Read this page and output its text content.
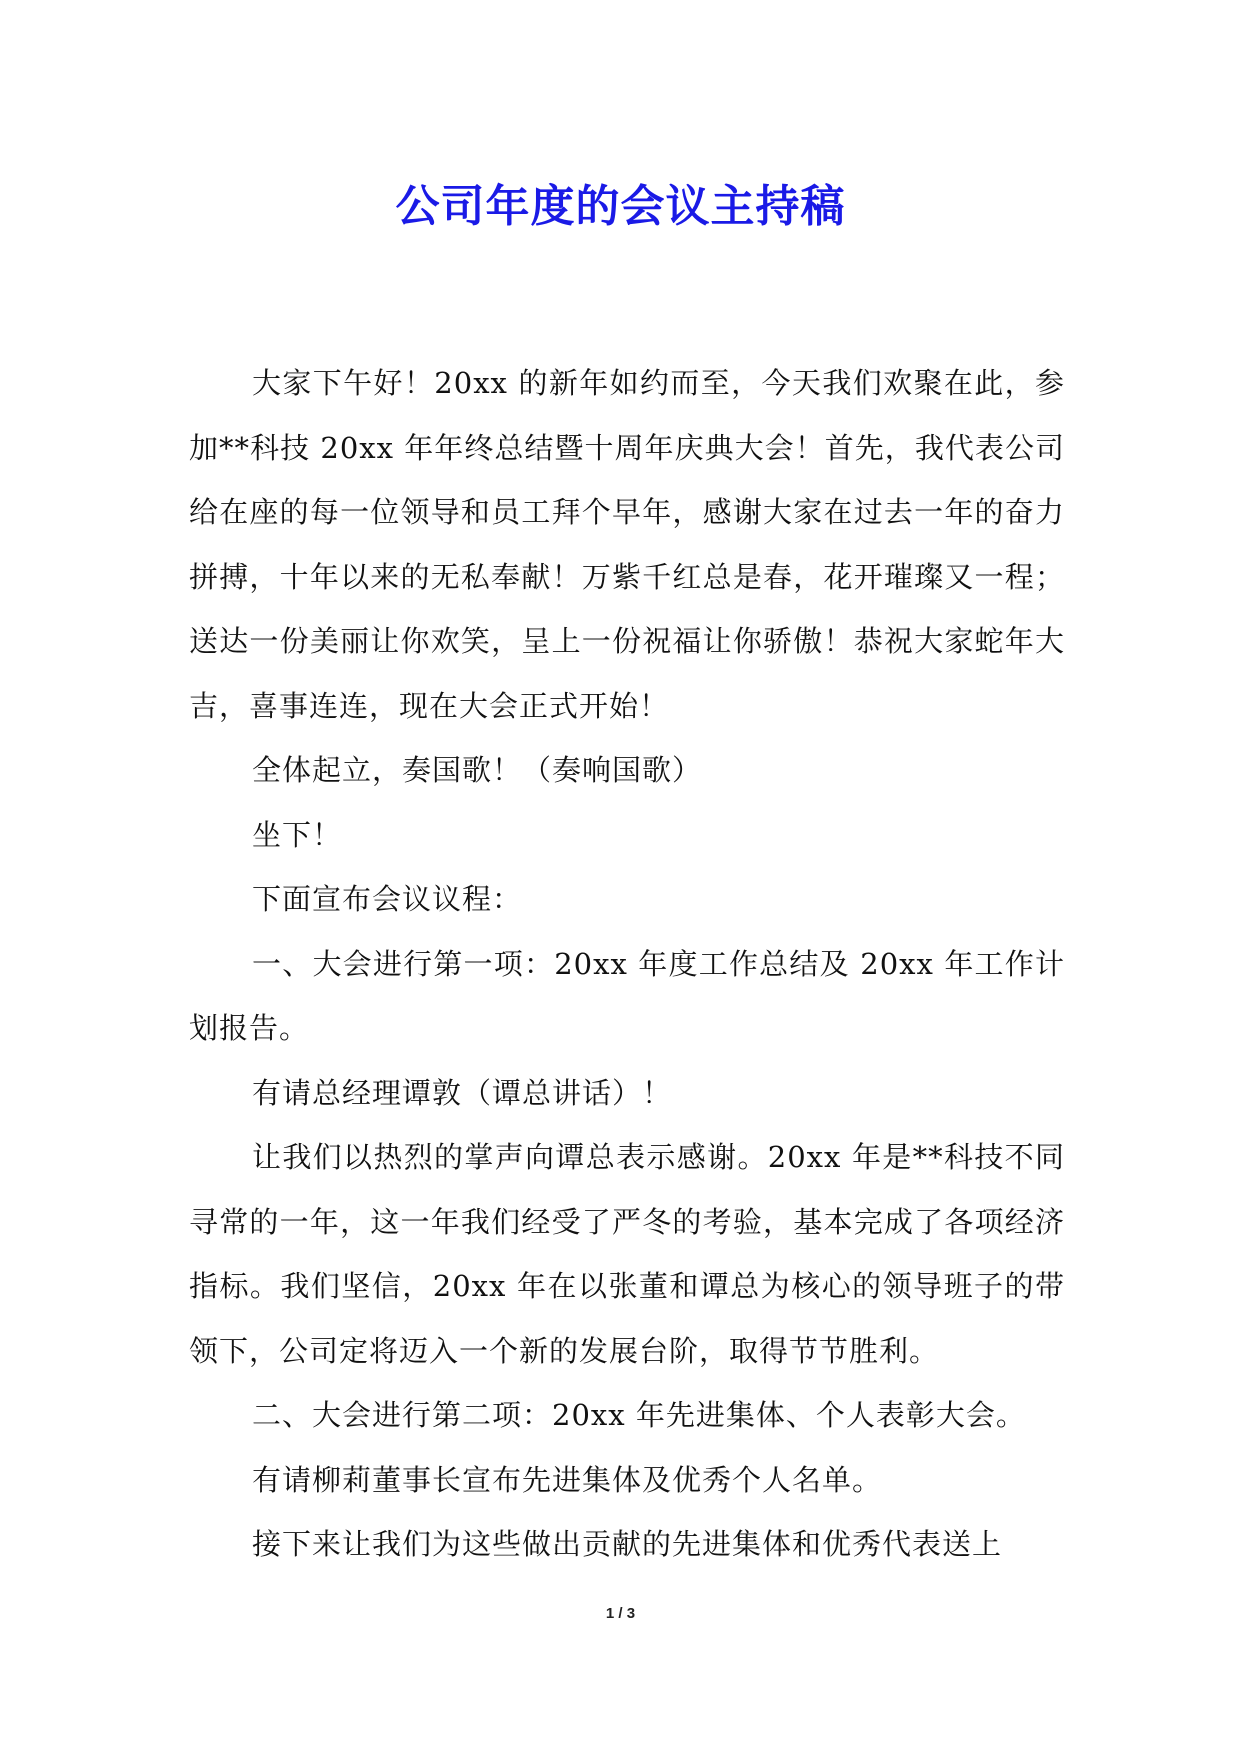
公司年度的会议主持稿

大家下午好！20xx 的新年如约而至，今天我们欢聚在此，参加**科技 20xx 年年终总结暨十周年庆典大会！首先，我代表公司给在座的每一位领导和员工拜个早年，感谢大家在过去一年的奋力拼搏，十年以来的无私奉献！万紫千红总是春，花开璀璨又一程；送达一份美丽让你欢笑，呈上一份祝福让你骄傲！恭祝大家蛇年大吉，喜事连连，现在大会正式开始！

全体起立，奏国歌！（奏响国歌）

坐下！

下面宣布会议议程：

一、大会进行第一项：20xx 年度工作总结及 20xx 年工作计划报告。

有请总经理谭敦（谭总讲话）！

让我们以热烈的掌声向谭总表示感谢。20xx 年是**科技不同寻常的一年，这一年我们经受了严冬的考验，基本完成了各项经济指标。我们坚信，20xx 年在以张董和谭总为核心的领导班子的带领下，公司定将迈入一个新的发展台阶，取得节节胜利。

二、大会进行第二项：20xx 年先进集体、个人表彰大会。

有请柳莉董事长宣布先进集体及优秀个人名单。

接下来让我们为这些做出贡献的先进集体和优秀代表送上

1 / 3
